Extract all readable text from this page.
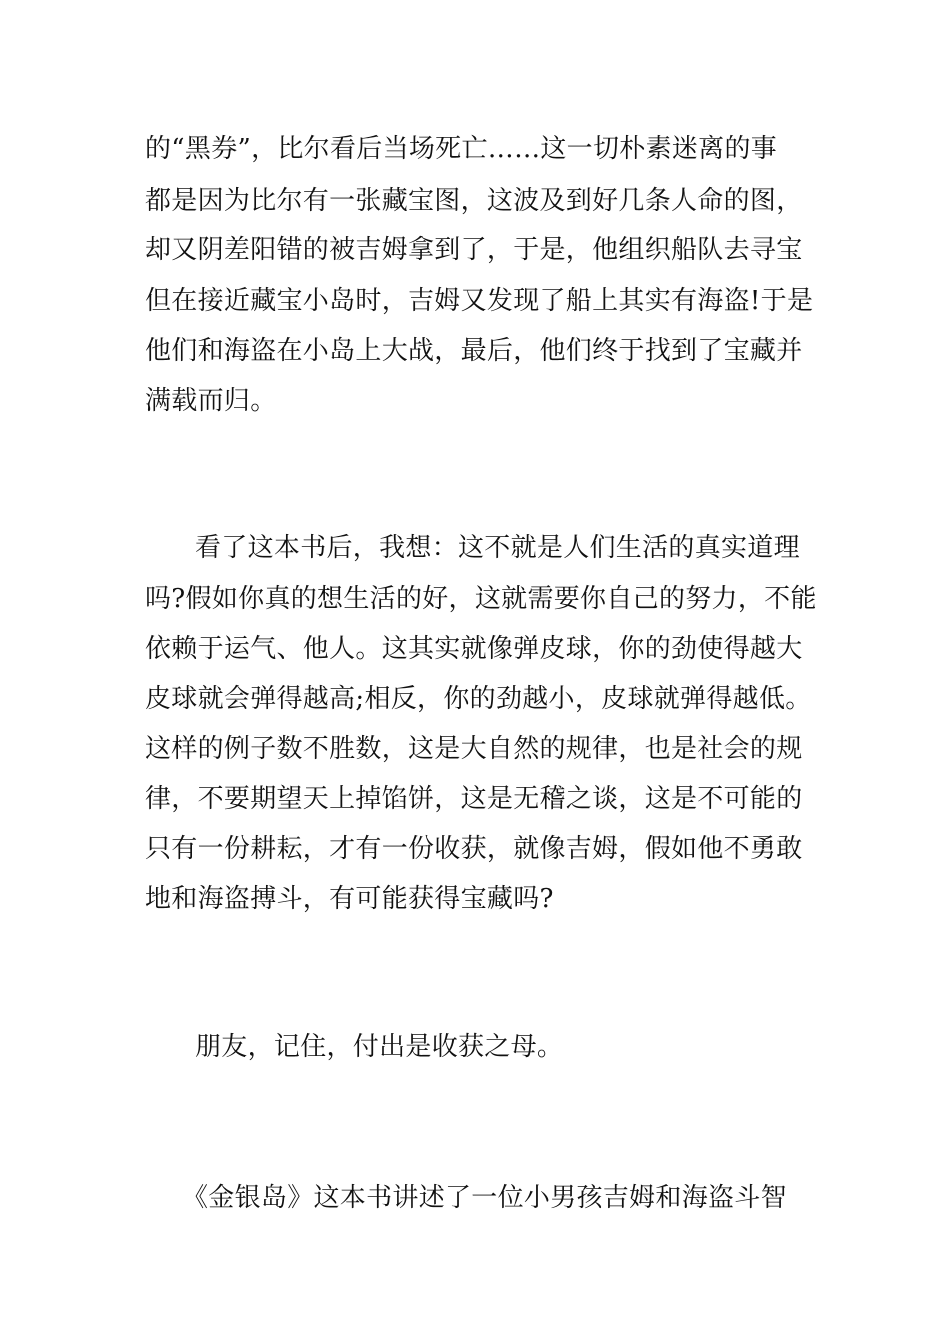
的“黑券”，比尔看后当场死亡……这一切朴素迷离的事
都是因为比尔有一张藏宝图，这波及到好几条人命的图，
却又阴差阳错的被吉姆拿到了，于是，他组织船队去寻宝
但在接近藏宝小岛时，吉姆又发现了船上其实有海盗!于是
他们和海盗在小岛上大战，最后，他们终于找到了宝藏并
满载而归。
看了这本书后，我想：这不就是人们生活的真实道理
吗?假如你真的想生活的好，这就需要你自己的努力，不能
依赖于运气、他人。这其实就像弹皮球，你的劲使得越大
皮球就会弹得越高;相反，你的劲越小，皮球就弹得越低。
这样的例子数不胜数，这是大自然的规律，也是社会的规
律，不要期望天上掉馅饼，这是无稽之谈，这是不可能的
只有一份耕耘，才有一份收获，就像吉姆，假如他不勇敢
地和海盗搏斗，有可能获得宝藏吗?
朋友，记住，付出是收获之母。
《金银岛》这本书讲述了一位小男孩吉姆和海盗斗智
